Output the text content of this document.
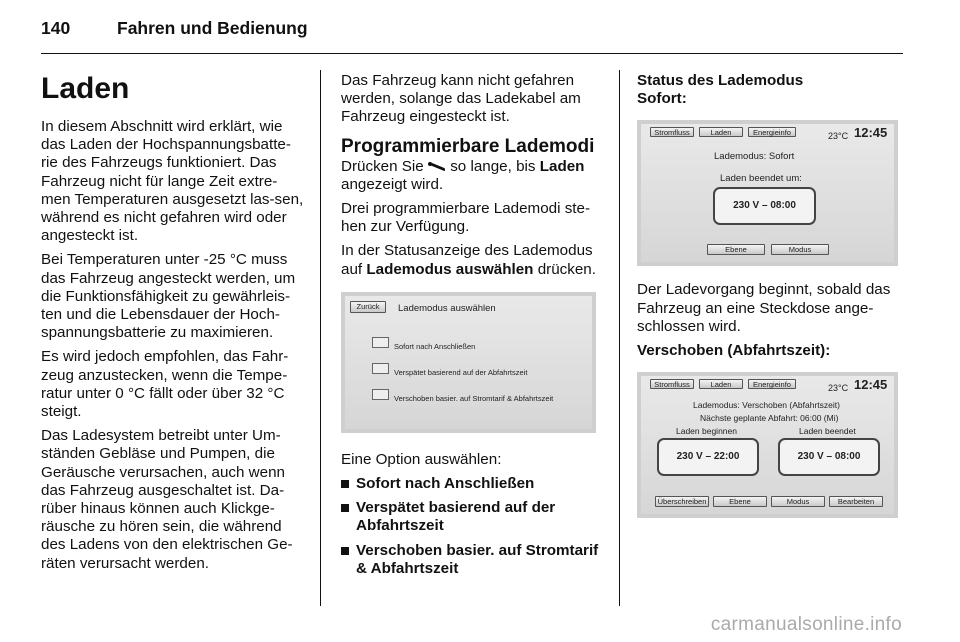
140	Fahren und Bedienung
Laden

In diesem Abschnitt wird erklärt, wie das Laden der Hochspannungsbatte-rie des Fahrzeugs funktioniert. Das Fahrzeug nicht für lange Zeit extre-men Temperaturen ausgesetzt las-sen, während es nicht gefahren wird oder angesteckt ist.

Bei Temperaturen unter -25 °C muss das Fahrzeug angesteckt werden, um die Funktionsfähigkeit zu gewährleis-ten und die Lebensdauer der Hoch-spannungsbatterie zu maximieren.

Es wird jedoch empfohlen, das Fahr-zeug anzustecken, wenn die Tempe-ratur unter 0 °C fällt oder über 32 °C steigt.

Das Ladesystem betreibt unter Um-ständen Gebläse und Pumpen, die Geräusche verursachen, auch wenn das Fahrzeug ausgeschaltet ist. Da-rüber hinaus können auch Klickge-räusche zu hören sein, die während des Ladens von den elektrischen Ge-räten verursacht werden.

Das Fahrzeug kann nicht gefahren werden, solange das Ladekabel am Fahrzeug eingesteckt ist.

Programmierbare Lademodi

Drücken Sie so lange, bis Laden angezeigt wird.

Drei programmierbare Lademodi ste-hen zur Verfügung.

In der Statusanzeige des Lademodus auf Lademodus auswählen drücken.

Zurück	Lademodus auswählen
Sofort nach Anschließen
Verspätet basierend auf der Abfahrtszeit
Verschoben basier. auf Stromtarif & Abfahrtszeit

Eine Option auswählen:

Sofort nach Anschließen
Verspätet basierend auf der Abfahrtszeit
Verschoben basier. auf Stromtarif & Abfahrtszeit

Status des Lademodus

Sofort:

Stromfluss	Laden	Energieinfo	23°C 12:45
Lademodus: Sofort
Laden beendet um:
230 V – 08:00
Ebene	Modus

Der Ladevorgang beginnt, sobald das Fahrzeug an eine Steckdose ange-schlossen wird.

Verschoben (Abfahrtszeit):

Stromfluss	Laden	Energieinfo	23°C 12:45
Lademodus: Verschoben (Abfahrtszeit)
Nächste geplante Abfahrt: 06:00 (Mi)
Laden beginnen	Laden beendet
230 V – 22:00	230 V – 08:00
Überschreiben	Ebene	Modus	Bearbeiten
carmanualsonline.info
